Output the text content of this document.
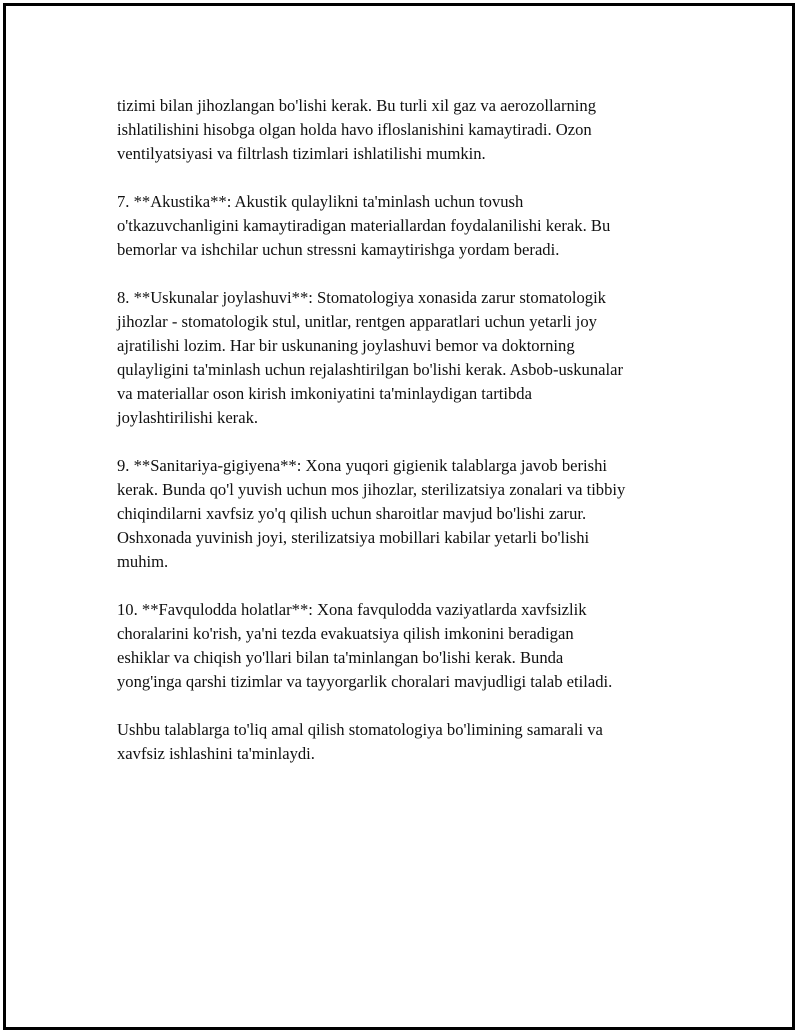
tizimi bilan jihozlangan bo'lishi kerak. Bu turli xil gaz va aerozollarning
ishlatilishini hisobga olgan holda havo ifloslanishini kamaytiradi. Ozon
ventilyatsiyasi va filtrlash tizimlari ishlatilishi mumkin.

7. **Akustika**: Akustik qulaylikni ta'minlash uchun tovush
o'tkazuvchanligini kamaytiradigan materiallardan foydalanilishi kerak. Bu
bemorlar va ishchilar uchun stressni kamaytirishga yordam beradi.

8. **Uskunalar joylashuvi**: Stomatologiya xonasida zarur stomatologik
jihozlar - stomatologik stul, unitlar, rentgen apparatlari uchun yetarli joy
ajratilishi lozim. Har bir uskunaning joylashuvi bemor va doktorning
qulayligini ta'minlash uchun rejalashtirilgan bo'lishi kerak. Asbob-uskunalar
va materiallar oson kirish imkoniyatini ta'minlaydigan tartibda
joylashtirilishi kerak.

9. **Sanitariya-gigiyena**: Xona yuqori gigienik talablarga javob berishi
kerak. Bunda qo'l yuvish uchun mos jihozlar, sterilizatsiya zonalari va tibbiy
chiqindilarni xavfsiz yo'q qilish uchun sharoitlar mavjud bo'lishi zarur.
Oshxonada yuvinish joyi, sterilizatsiya mobillari kabilar yetarli bo'lishi
muhim.

10. **Favqulodda holatlar**: Xona favqulodda vaziyatlarda xavfsizlik
choralarini ko'rish, ya'ni tezda evakuatsiya qilish imkonini beradigan
eshiklar va chiqish yo'llari bilan ta'minlangan bo'lishi kerak. Bunda
yong'inga qarshi tizimlar va tayyorgarlik choralari mavjudligi talab etiladi.

Ushbu talablarga to'liq amal qilish stomatologiya bo'limining samarali va
xavfsiz ishlashini ta'minlaydi.
